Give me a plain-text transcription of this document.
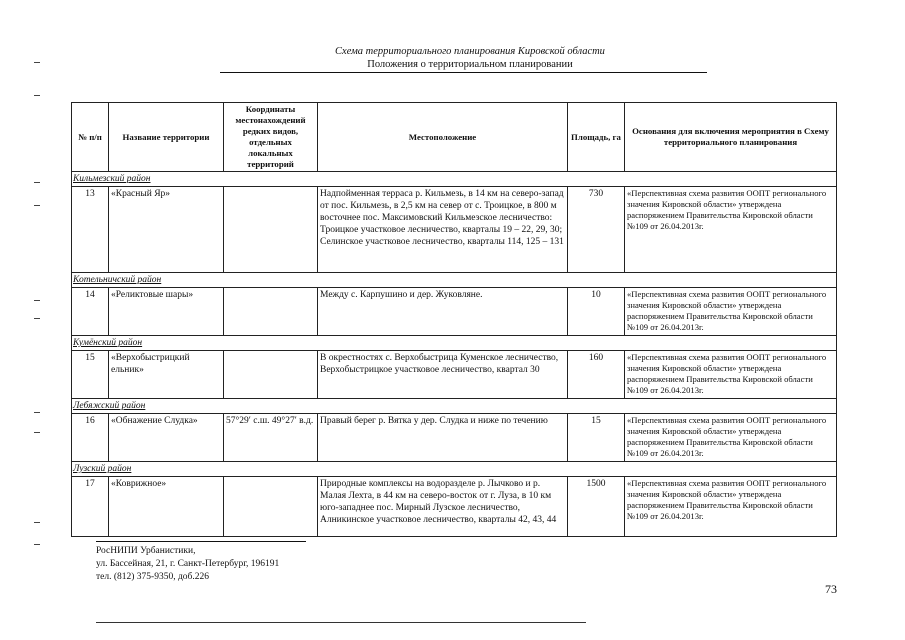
Схема территориального планирования Кировской области
Положения о территориальном планировании
№ п/п	Название территории	Координаты местонахождений редких видов, отдельных локальных территорий	Местоположение	Площадь, га	Основания для включения мероприятия в Схему территориального планирования
Кильмезский район					
13	«Красный Яр»		Надпойменная терраса р. Кильмезь, в 14 км на северо-запад от пос. Кильмезь, в 2,5 км на север от с. Троицкое, в 800 м восточнее пос. Максимовский Кильмезское лесничество: Троицкое участковое лесничество, кварталы 19 – 22, 29, 30; Селинское участковое лесничество, кварталы 114, 125 – 131	730	«Перспективная схема развития ООПТ регионального значения Кировской области» утверждена распоряжением Правительства Кировской области №109 от 26.04.2013г.
Котельничский район					
14	«Реликтовые шары»		Между с. Карпушино и дер. Жуковляне.	10	«Перспективная схема развития ООПТ регионального значения Кировской области» утверждена распоряжением Правительства Кировской области №109 от 26.04.2013г.
Кумёнский район					
15	«Верхобыстрицкий ельник»		В окрестностях с. Верхобыстрица Куменское лесничество, Верхобыстрицкое участковое лесничество, квартал 30	160	«Перспективная схема развития ООПТ регионального значения Кировской области» утверждена распоряжением Правительства Кировской области №109 от 26.04.2013г.
Лебяжский район					
16	«Обнажение Слудка»	57°29′ с.ш. 49°27′ в.д.	Правый берег р. Вятка у дер. Слудка и ниже по течению	15	«Перспективная схема развития ООПТ регионального значения Кировской области» утверждена распоряжением Правительства Кировской области №109 от 26.04.2013г.
Лузский район					
17	«Коврижное»		Природные комплексы на водоразделе р. Лычково и р. Малая Лехта, в 44 км на северо-восток от г. Луза, в 10 км юго-западнее пос. Мирный Лузское лесничество, Алникинское участковое лесничество, кварталы 42, 43, 44	1500	«Перспективная схема развития ООПТ регионального значения Кировской области» утверждена распоряжением Правительства Кировской области №109 от 26.04.2013г.
РосНИПИ Урбанистики,
ул. Бассейная, 21, г. Санкт-Петербург, 196191
тел. (812) 375-9350, доб.226
73
